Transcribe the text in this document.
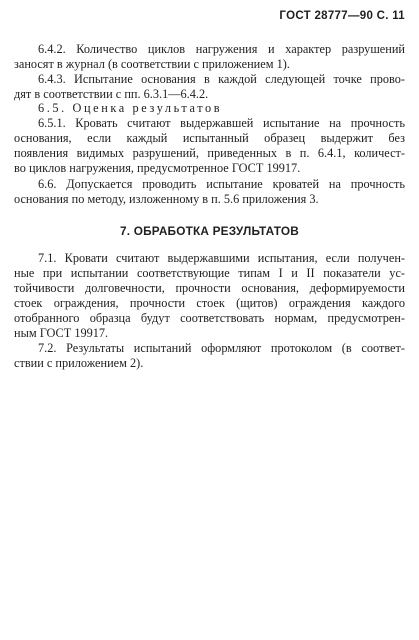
ГОСТ 28777—90 С. 11
6.4.2. Количество циклов нагружения и характер разрушений
заносят в журнал (в соответствии с приложением 1).
6.4.3. Испытание основания в каждой следующей точке прово-
дят в соответствии с пп. 6.3.1—6.4.2.
6.5. Оценка результатов
6.5.1. Кровать считают выдержавшей испытание на прочность
основания, если каждый испытанный образец выдержит без
появления видимых разрушений, приведенных в п. 6.4.1, количест-
во циклов нагружения, предусмотренное ГОСТ 19917.
6.6. Допускается проводить испытание кроватей на прочность
основания по методу, изложенному в п. 5.6 приложения 3.
7. ОБРАБОТКА РЕЗУЛЬТАТОВ
7.1. Кровати считают выдержавшими испытания, если получен-
ные при испытании соответствующие типам I и II показатели ус-
тойчивости долговечности, прочности основания, деформируемости
стоек ограждения, прочности стоек (щитов) ограждения каждого
отобранного образца будут соответствовать нормам, предусмотрен-
ным ГОСТ 19917.
7.2. Результаты испытаний оформляют протоколом (в соответ-
ствии с приложением 2).
